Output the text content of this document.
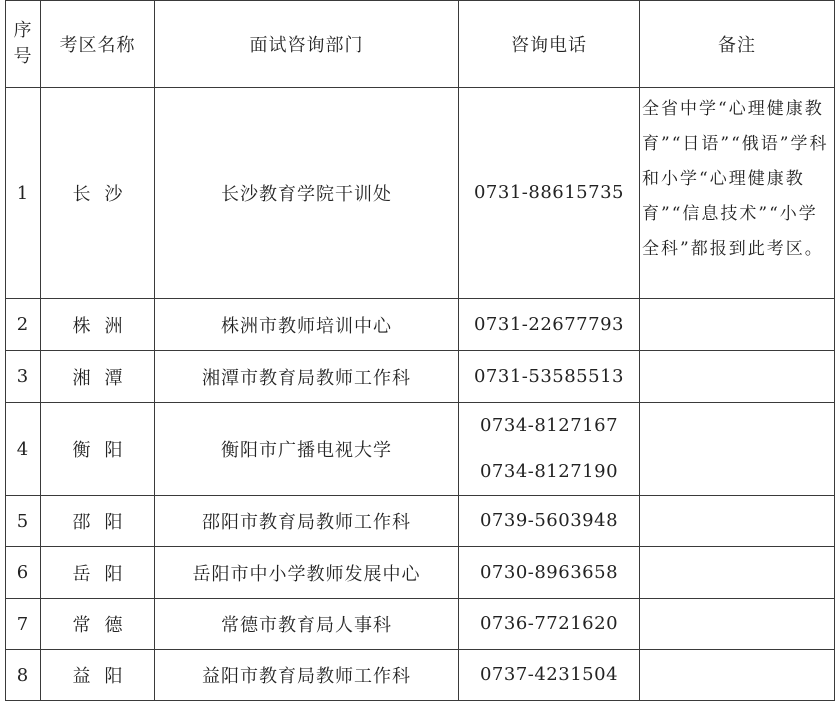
序
号	考区名称	面试咨询部门	咨询电话	备注
1	长沙	长沙教育学院干训处	0731-88615735	全省中学“心理健康教育”“日语”“俄语”学科和小学“心理健康教育”“信息技术”“小学全科”都报到此考区。
2	株洲	株洲市教师培训中心	0731-22677793	

3	湘潭	湘潭市教育局教师工作科	0731-53585513	

4	衡阳	衡阳市广播电视大学	0734-8127167
0734-8127190	

5	邵阳	邵阳市教育局教师工作科	0739-5603948	

6	岳阳	岳阳市中小学教师发展中心	0730-8963658	

7	常德	常德市教育局人事科	0736-7721620	

8	益阳	益阳市教育局教师工作科	0737-4231504	
